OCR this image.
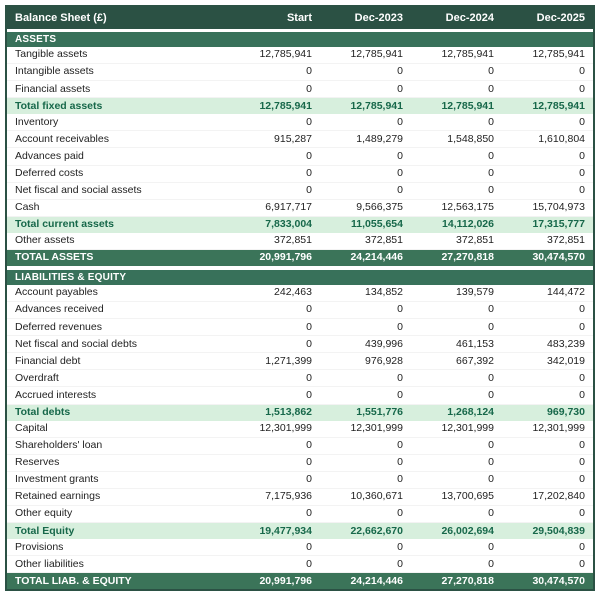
Balance Sheet (£)	Start	Dec-2023	Dec-2024	Dec-2025
ASSETS
Tangible assets	12,785,941	12,785,941	12,785,941	12,785,941
Intangible assets	0	0	0	0
Financial assets	0	0	0	0
Total fixed assets	12,785,941	12,785,941	12,785,941	12,785,941
Inventory	0	0	0	0
Account receivables	915,287	1,489,279	1,548,850	1,610,804
Advances paid	0	0	0	0
Deferred costs	0	0	0	0
Net fiscal and social assets	0	0	0	0
Cash	6,917,717	9,566,375	12,563,175	15,704,973
Total current assets	7,833,004	11,055,654	14,112,026	17,315,777
Other assets	372,851	372,851	372,851	372,851
TOTAL ASSETS	20,991,796	24,214,446	27,270,818	30,474,570
LIABILITIES & EQUITY
Account payables	242,463	134,852	139,579	144,472
Advances received	0	0	0	0
Deferred revenues	0	0	0	0
Net fiscal and social debts	0	439,996	461,153	483,239
Financial debt	1,271,399	976,928	667,392	342,019
Overdraft	0	0	0	0
Accrued interests	0	0	0	0
Total debts	1,513,862	1,551,776	1,268,124	969,730
Capital	12,301,999	12,301,999	12,301,999	12,301,999
Shareholders' loan	0	0	0	0
Reserves	0	0	0	0
Investment grants	0	0	0	0
Retained earnings	7,175,936	10,360,671	13,700,695	17,202,840
Other equity	0	0	0	0
Total Equity	19,477,934	22,662,670	26,002,694	29,504,839
Provisions	0	0	0	0
Other liabilities	0	0	0	0
TOTAL LIAB. & EQUITY	20,991,796	24,214,446	27,270,818	30,474,570
